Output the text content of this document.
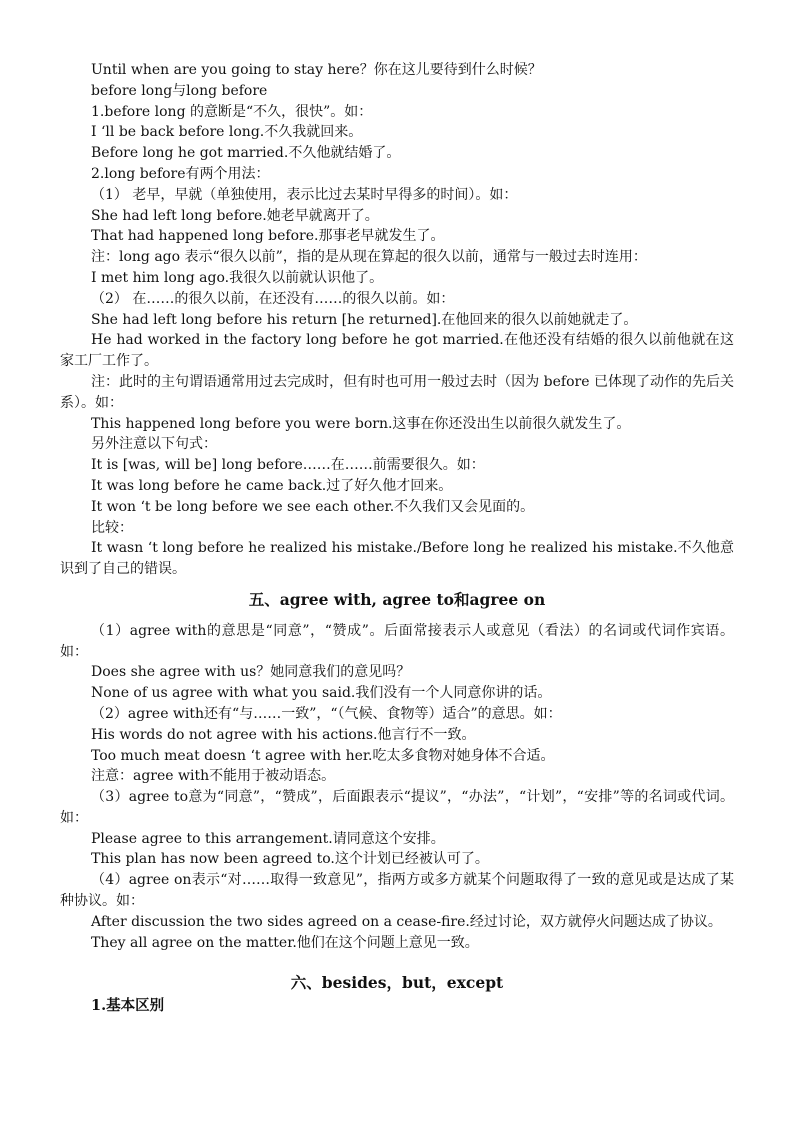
Until when are you going to stay here？你在这儿要待到什么时候？
before long与long before
1.before long 的意断是“不久，很快”。如：
I ‘ll be back before long.不久我就回来。
Before long he got married.不久他就结婚了。
2.long before有两个用法：
（1） 老早，早就（单独使用，表示比过去某时早得多的时间）。如：
She had left long before.她老早就离开了。
That had happened long before.那事老早就发生了。
注：long ago 表示“很久以前”，指的是从现在算起的很久以前，通常与一般过去时连用：
I met him long ago.我很久以前就认识他了。
（2） 在……的很久以前，在还没有……的很久以前。如：
She had left long before his return [he returned].在他回来的很久以前她就走了。
He had worked in the factory long before he got married.在他还没有结婚的很久以前他就在这家工厂工作了。
注：此时的主句谓语通常用过去完成时，但有时也可用一般过去时（因为 before 已体现了动作的先后关系）。如：
This happened long before you were born.这事在你还没出生以前很久就发生了。
另外注意以下句式：
It is [was, will be] long before……在……前需要很久。如：
It was long before he came back.过了好久他才回来。
It won ‘t be long before we see each other.不久我们又会见面的。
比较：
It wasn ‘t long before he realized his mistake./Before long he realized his mistake.不久他意识到了自己的错误。
五、agree with, agree to和agree on
（1）agree with的意思是“同意”，“赞成”。后面常接表示人或意见（看法）的名词或代词作宾语。如：
Does she agree with us？她同意我们的意见吗？
None of us agree with what you said.我们没有一个人同意你讲的话。
（2）agree with还有“与……一致”，“（气候、食物等）适合”的意思。如：
His words do not agree with his actions.他言行不一致。
Too much meat doesn ‘t agree with her.吃太多食物对她身体不合适。
注意：agree with不能用于被动语态。
（3）agree to意为“同意”，“赞成”，后面跟表示“提议”，“办法”，“计划”，“安排”等的名词或代词。如：
Please agree to this arrangement.请同意这个安排。
This plan has now been agreed to.这个计划已经被认可了。
（4）agree on表示“对……取得一致意见”，指两方或多方就某个问题取得了一致的意见或是达成了某种协议。如：
After discussion the two sides agreed on a cease-fire.经过讨论，双方就停火问题达成了协议。
They all agree on the matter.他们在这个问题上意见一致。
六、besides，but，except
1.基本区别
